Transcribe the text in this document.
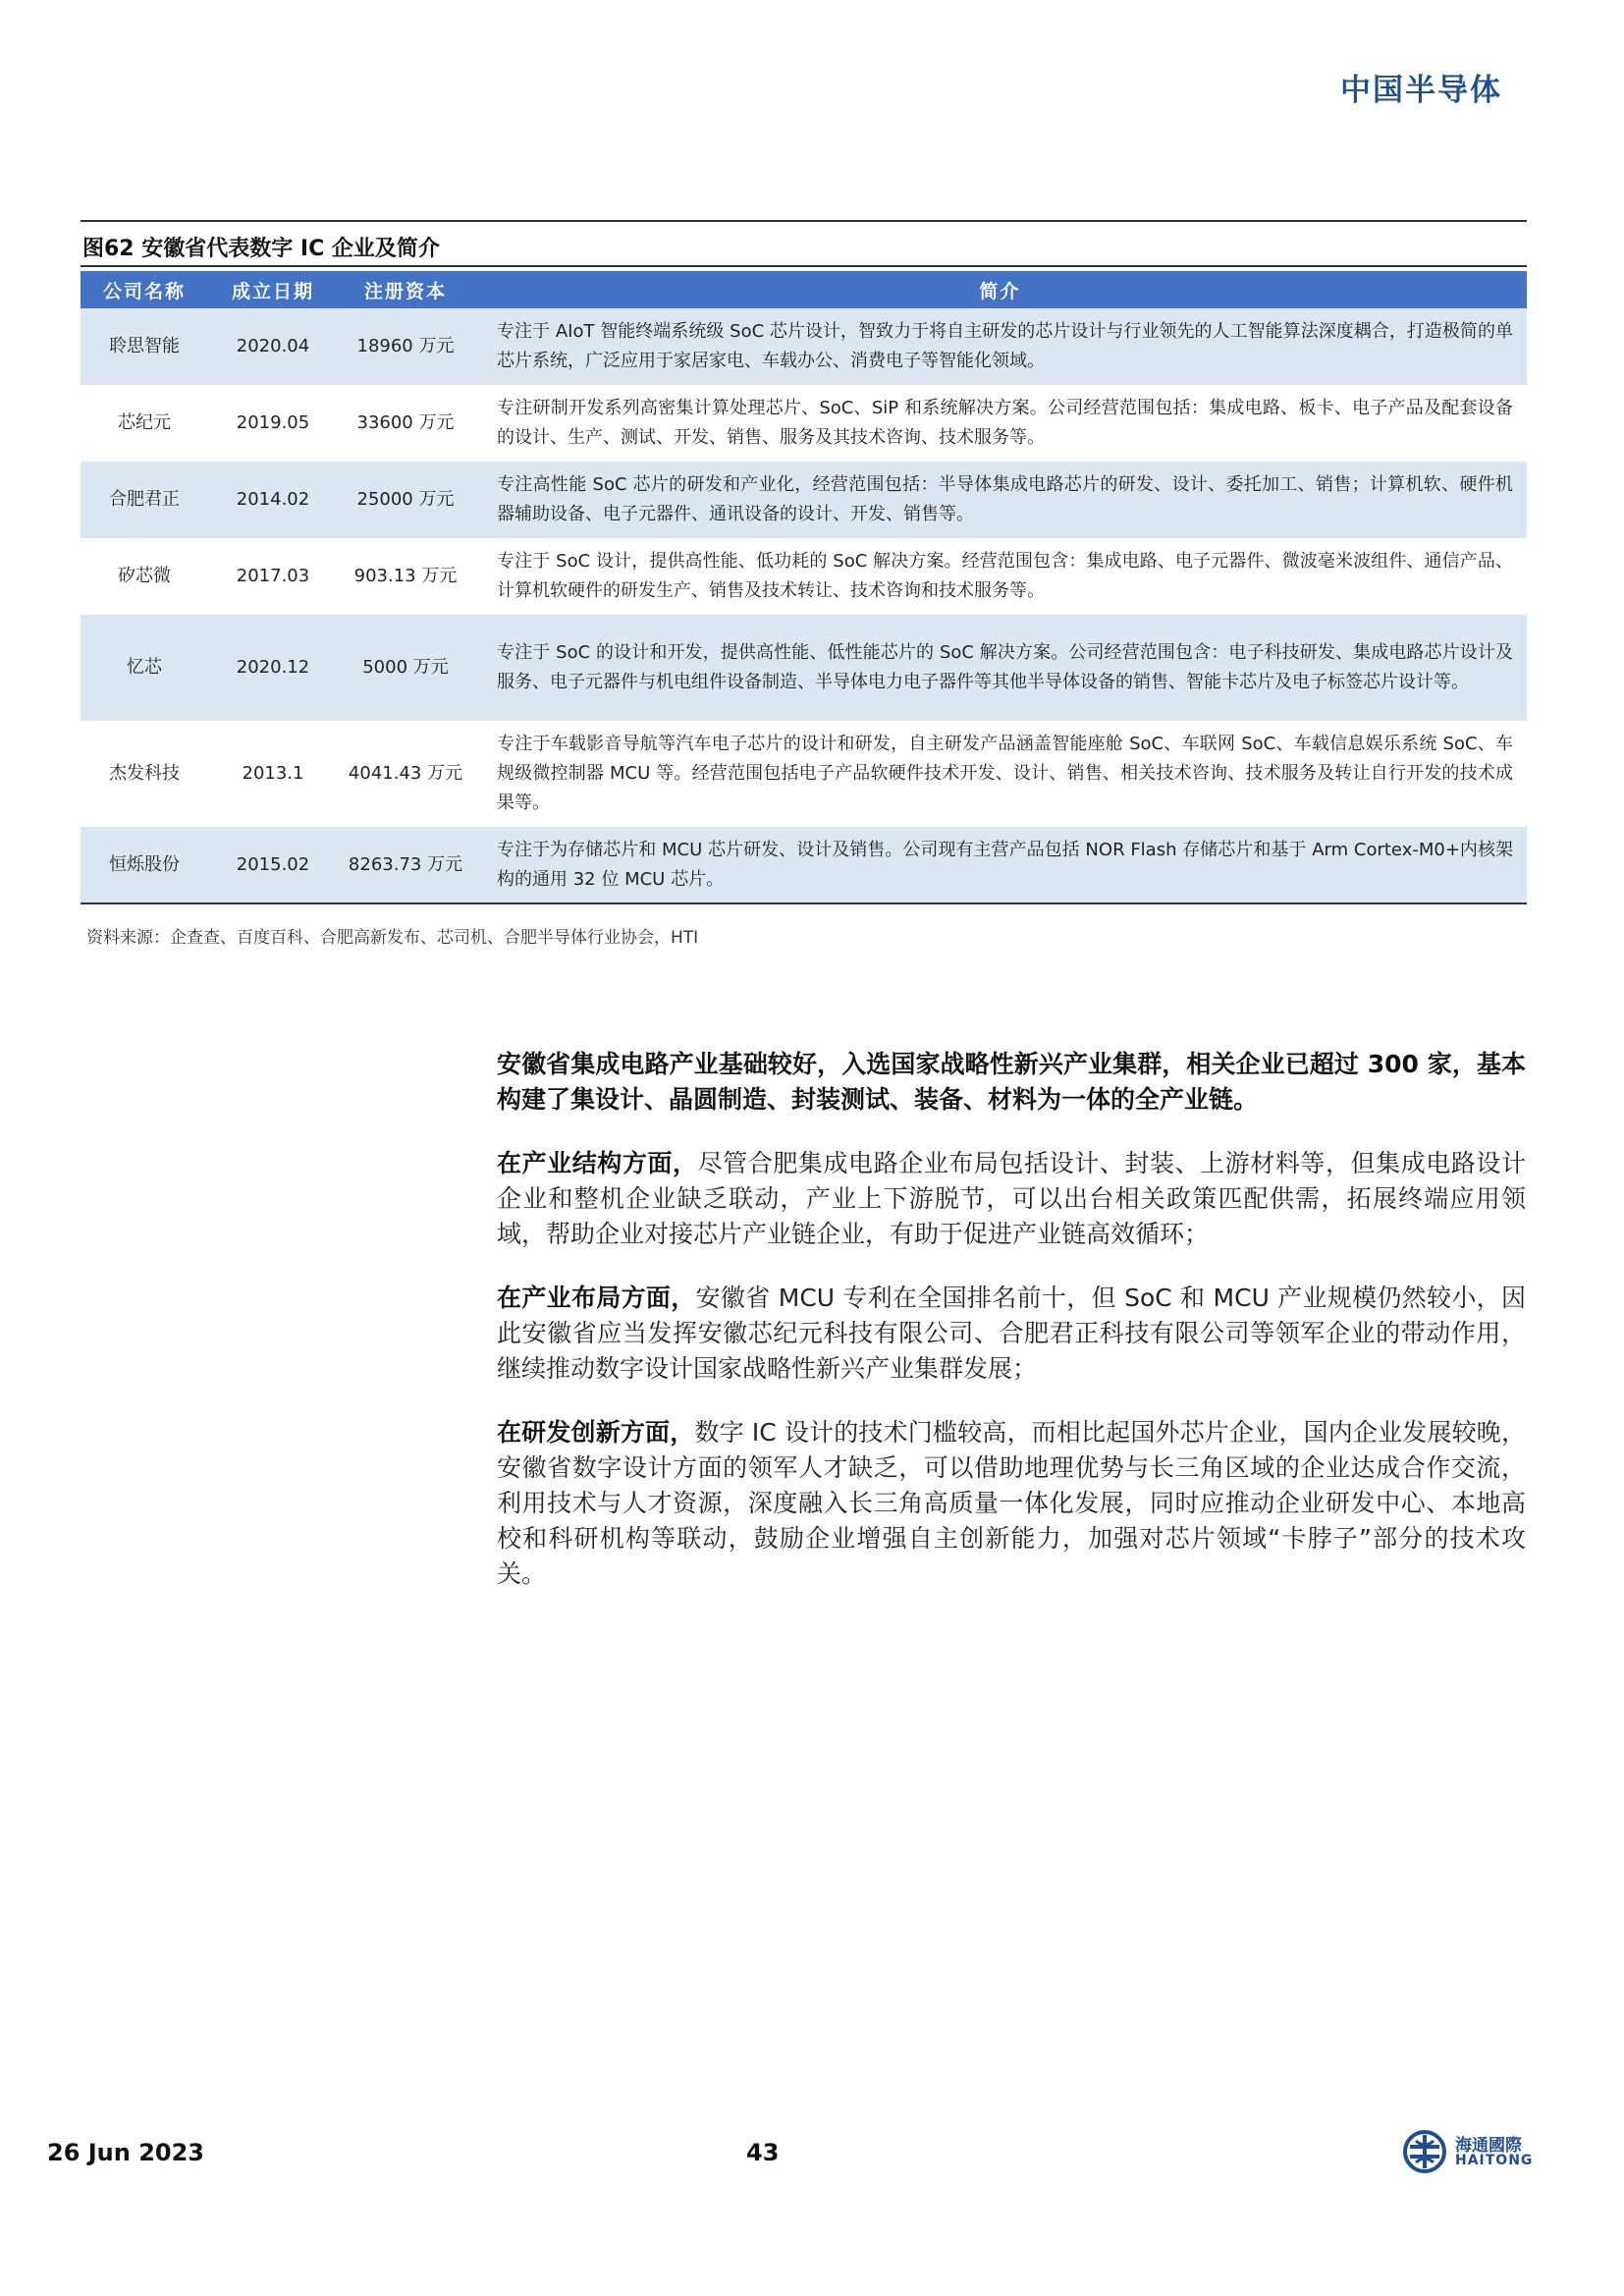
中国半导体
图62 安徽省代表数字 IC 企业及简介
公司名称	成立日期	注册资本	简介
聆思智能	2020.04	18960 万元	专注于 AIoT 智能终端系统级 SoC 芯片设计，智致力于将自主研发的芯片设计与行业领先的人工智能算法深度耦合，打造极简的单芯片系统，广泛应用于家居家电、车载办公、消费电子等智能化领域。
芯纪元	2019.05	33600 万元	专注研制开发系列高密集计算处理芯片、SoC、SiP 和系统解决方案。公司经营范围包括：集成电路、板卡、电子产品及配套设备的设计、生产、测试、开发、销售、服务及其技术咨询、技术服务等。
合肥君正	2014.02	25000 万元	专注高性能 SoC 芯片的研发和产业化，经营范围包括：半导体集成电路芯片的研发、设计、委托加工、销售；计算机软、硬件机器辅助设备、电子元器件、通讯设备的设计、开发、销售等。
矽芯微	2017.03	903.13 万元	专注于 SoC 设计，提供高性能、低功耗的 SoC 解决方案。经营范围包含：集成电路、电子元器件、微波毫米波组件、通信产品、计算机软硬件的研发生产、销售及技术转让、技术咨询和技术服务等。
忆芯	2020.12	5000 万元	专注于 SoC 的设计和开发，提供高性能、低性能芯片的 SoC 解决方案。公司经营范围包含：电子科技研发、集成电路芯片设计及服务、电子元器件与机电组件设备制造、半导体电力电子器件等其他半导体设备的销售、智能卡芯片及电子标签芯片设计等。
杰发科技	2013.1	4041.43 万元	专注于车载影音导航等汽车电子芯片的设计和研发，自主研发产品涵盖智能座舱 SoC、车联网 SoC、车载信息娱乐系统 SoC、车规级微控制器 MCU 等。经营范围包括电子产品软硬件技术开发、设计、销售、相关技术咨询、技术服务及转让自行开发的技术成果等。
恒烁股份	2015.02	8263.73 万元	专注于为存储芯片和 MCU 芯片研发、设计及销售。公司现有主营产品包括 NOR Flash 存储芯片和基于 Arm Cortex-M0+内核架构的通用 32 位 MCU 芯片。
资料来源：企查查、百度百科、合肥高新发布、芯司机、合肥半导体行业协会，HTI

安徽省集成电路产业基础较好，入选国家战略性新兴产业集群，相关企业已超过 300 家，基本构建了集设计、晶圆制造、封装测试、装备、材料为一体的全产业链。

在产业结构方面，尽管合肥集成电路企业布局包括设计、封装、上游材料等，但集成电路设计企业和整机企业缺乏联动，产业上下游脱节，可以出台相关政策匹配供需，拓展终端应用领域，帮助企业对接芯片产业链企业，有助于促进产业链高效循环；

在产业布局方面，安徽省 MCU 专利在全国排名前十，但 SoC 和 MCU 产业规模仍然较小，因此安徽省应当发挥安徽芯纪元科技有限公司、合肥君正科技有限公司等领军企业的带动作用，继续推动数字设计国家战略性新兴产业集群发展；

在研发创新方面，数字 IC 设计的技术门槛较高，而相比起国外芯片企业，国内企业发展较晚，安徽省数字设计方面的领军人才缺乏，可以借助地理优势与长三角区域的企业达成合作交流，利用技术与人才资源，深度融入长三角高质量一体化发展，同时应推动企业研发中心、本地高校和科研机构等联动，鼓励企业增强自主创新能力，加强对芯片领域“卡脖子”部分的技术攻关。

26 Jun 2023	43	海通國際
HAITONG
